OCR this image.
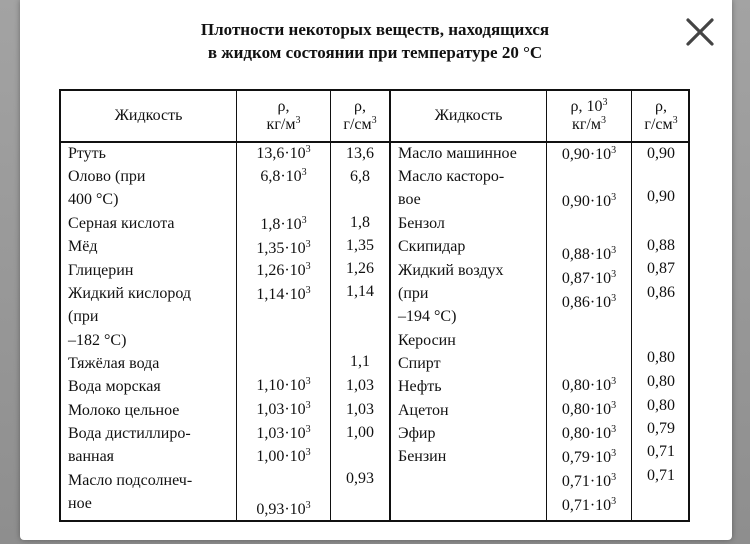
Плотности некоторых веществ, находящихся
в жидком состоянии при температуре 20 °С
Жидкость
ρ,
$кг/м^3$
ρ,
$г/см^3$	Жидкость
ρ, $10^3$
$кг/м^3$
ρ,
$г/см^3$
Ртуть
Олово (при
400 °С)
Серная кислота
Мёд
Глицерин
Жидкий кислород
(при
–182 °С)
Тяжёлая вода
Вода морская
Молоко цельное
Вода дистиллиро-
ванная
Масло подсолнеч-
ное
$13,6\cdot 10^3$
$6,8\cdot 10^3$
$1,8\cdot 10^3$
$1,35\cdot 10^3$
$1,26\cdot 10^3$
$1,14\cdot 10^3$
$1,10\cdot 10^3$
$1,03\cdot 10^3$
$1,03\cdot 10^3$
$1,00\cdot 10^3$
$0,93\cdot 10^3$
13,6
6,8
1,8
1,35
1,26
1,14
1,1
1,03
1,03
1,00
0,93
Масло машинное
Масло касторо-
вое
Бензол
Скипидар
Жидкий воздух
(при
–194 °С)
Керосин
Спирт
Нефть
Ацетон
Эфир
Бензин
$0,90\cdot 10^3$
$0,90\cdot 10^3$
$0,88\cdot 10^3$
$0,87\cdot 10^3$
$0,86\cdot 10^3$
$0,80\cdot 10^3$
$0,80\cdot 10^3$
$0,80\cdot 10^3$
$0,79\cdot 10^3$
$0,71\cdot 10^3$
$0,71\cdot 10^3$
0,90
0,90
0,88
0,87
0,86
0,80
0,80
0,80
0,79
0,71
0,71
